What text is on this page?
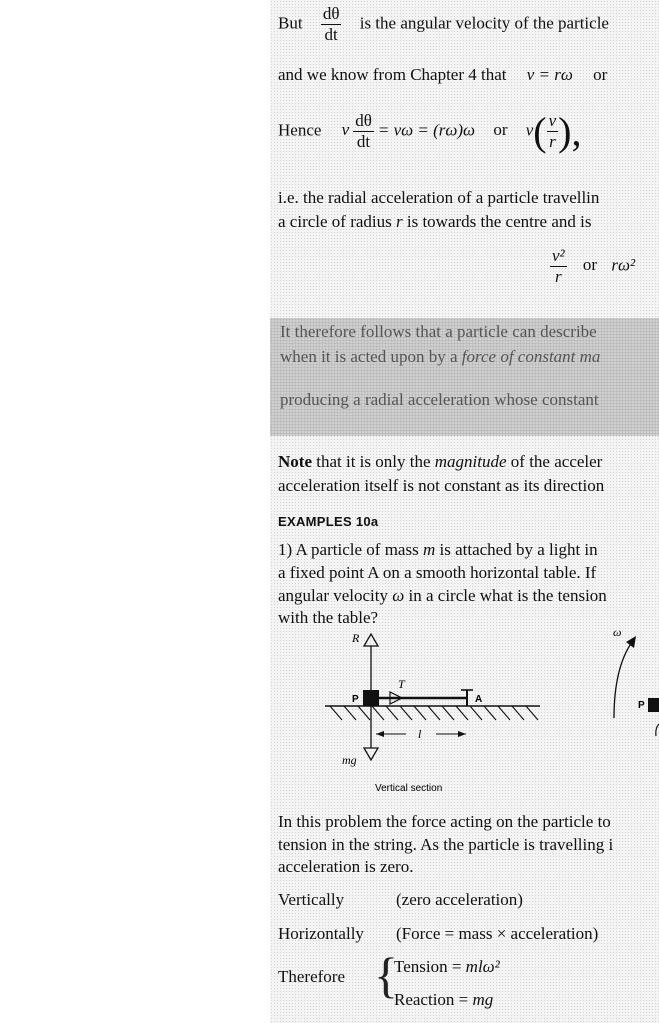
But $\frac{d\theta}{dt}$ is the angular velocity of the particle
and we know from Chapter 4 that v = rω or
Hence v $\frac{d\theta}{dt} = v\omega = (r\omega)\omega$ or $v( \frac{v}{r}$ ),
i.e. the radial acceleration of a particle travellin
a circle of radius r is towards the centre and is
$\frac{\text{v²}}{r}$ or rω²
It therefore follows that a particle can describe
when it is acted upon by a force of constant ma
producing a radial acceleration whose constant
Note that it is only the magnitude of the acceler
acceleration itself is not constant as its direction
EXAMPLES 10a
1) A particle of mass m is attached by a light in
a fixed point A on a smooth horizontal table. If
angular velocity ω in a circle what is the tension
with the table?
R
P
T
A
l
mg
Vertical section
ω
P
In this problem the force acting on the particle to
tension in the string. As the particle is travelling i
acceleration is zero.
Vertically	(zero acceleration)
Horizontally (Force = mass × acceleration)
Therefore {
Tension = mlω²
Reaction = mg
